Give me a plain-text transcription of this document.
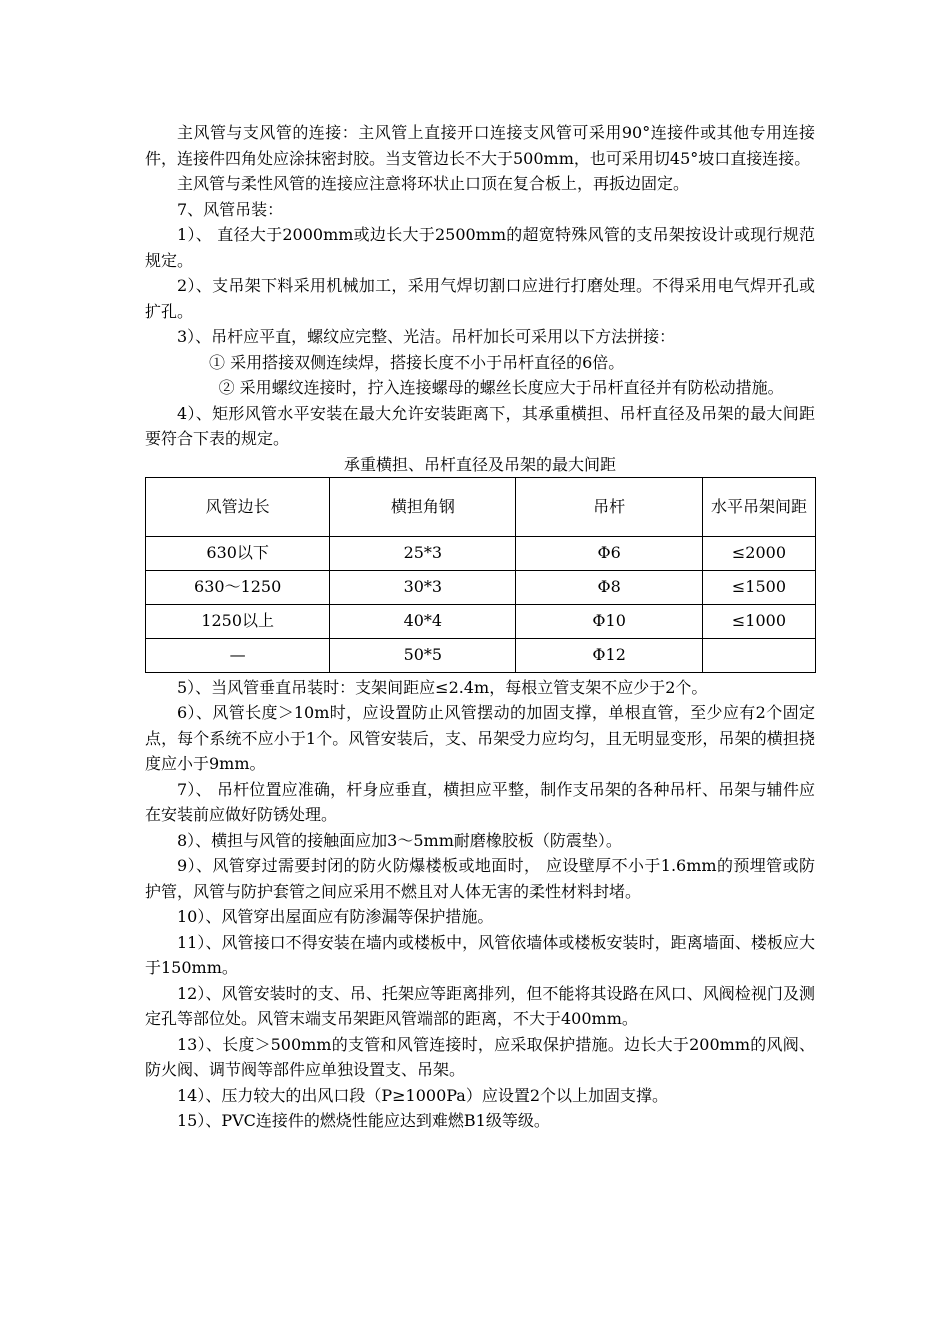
主风管与支风管的连接：主风管上直接开口连接支风管可采用90°连接件或其他专用连接件，连接件四角处应涂抹密封胶。当支管边长不大于500mm，也可采用切45°坡口直接连接。

主风管与柔性风管的连接应注意将环状止口顶在复合板上，再扳边固定。

7、风管吊装：

1）、 直径大于2000mm或边长大于2500mm的超宽特殊风管的支吊架按设计或现行规范规定。

2）、支吊架下料采用机械加工，采用气焊切割口应进行打磨处理。不得采用电气焊开孔或扩孔。

3）、吊杆应平直，螺纹应完整、光洁。吊杆加长可采用以下方法拼接：

① 采用搭接双侧连续焊，搭接长度不小于吊杆直径的6倍。

② 采用螺纹连接时，拧入连接螺母的螺丝长度应大于吊杆直径并有防松动措施。

4）、矩形风管水平安装在最大允许安装距离下，其承重横担、吊杆直径及吊架的最大间距要符合下表的规定。

承重横担、吊杆直径及吊架的最大间距
风管边长	横担角钢	吊杆	水平吊架间距
630以下	25*3	Φ6	≤2000
630～1250	30*3	Φ8	≤1500
1250以上	40*4	Φ10	≤1000
—	50*5	Φ12	

5）、当风管垂直吊装时：支架间距应≤2.4m，每根立管支架不应少于2个。

6）、风管长度＞10m时，应设置防止风管摆动的加固支撑，单根直管，至少应有2个固定点，每个系统不应小于1个。风管安装后，支、吊架受力应均匀，且无明显变形，吊架的横担挠度应小于9mm。

7）、 吊杆位置应准确，杆身应垂直，横担应平整，制作支吊架的各种吊杆、吊架与辅件应在安装前应做好防锈处理。

8）、横担与风管的接触面应加3～5mm耐磨橡胶板（防震垫）。

9）、风管穿过需要封闭的防火防爆楼板或地面时， 应设壁厚不小于1.6mm的预埋管或防护管，风管与防护套管之间应采用不燃且对人体无害的柔性材料封堵。

10）、风管穿出屋面应有防渗漏等保护措施。

11）、风管接口不得安装在墙内或楼板中，风管依墙体或楼板安装时，距离墙面、楼板应大于150mm。

12）、风管安装时的支、吊、托架应等距离排列，但不能将其设路在风口、风阀检视门及测定孔等部位处。风管末端支吊架距风管端部的距离，不大于400mm。

13）、长度＞500mm的支管和风管连接时，应采取保护措施。边长大于200mm的风阀、防火阀、调节阀等部件应单独设置支、吊架。

14）、压力较大的出风口段（P≥1000Pa）应设置2个以上加固支撑。

15）、PVC连接件的燃烧性能应达到难燃B1级等级。
